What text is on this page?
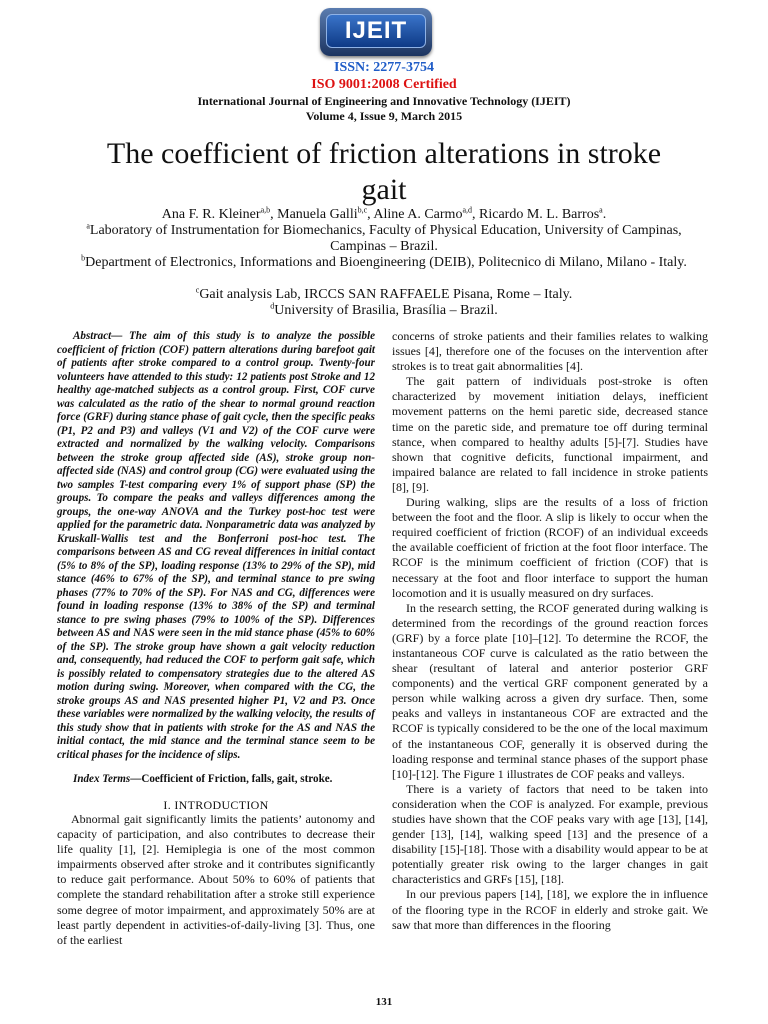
IJEIT
ISSN: 2277-3754
ISO 9001:2008 Certified
International Journal of Engineering and Innovative Technology (IJEIT)
Volume 4, Issue 9, March 2015
The coefficient of friction alterations in stroke
gait
Ana F. R. Kleiner$^{a,b}$, Manuela Galli$^{b,c}$, Aline A. Carmo$^{a,d}$, Ricardo M. L. Barros$^a$.
$^a$Laboratory of Instrumentation for Biomechanics, Faculty of Physical Education, University of Campinas, Campinas – Brazil.
$^b$Department of Electronics, Informations and Bioengineering (DEIB), Politecnico di Milano, Milano - Italy.
$^c$Gait analysis Lab, IRCCS SAN RAFFAELE Pisana, Rome – Italy.
$^d$University of Brasilia, Brasília – Brazil.
Abstract— The aim of this study is to analyze the possible coefficient of friction (COF) pattern alterations during barefoot gait of patients after stroke compared to a control group. Twenty-four volunteers have attended to this study: 12 patients post Stroke and 12 healthy age-matched subjects as a control group. First, COF curve was calculated as the ratio of the shear to normal ground reaction force (GRF) during stance phase of gait cycle, then the specific peaks (P1, P2 and P3) and valleys (V1 and V2) of the COF curve were extracted and normalized by the walking velocity. Comparisons between the stroke group affected side (AS), stroke group non-affected side (NAS) and control group (CG) were evaluated using the two samples T-test comparing every 1% of support phase (SP) the groups. To compare the peaks and valleys differences among the groups, the one-way ANOVA and the Turkey post-hoc test were applied for the parametric data. Nonparametric data was analyzed by Kruskall-Wallis test and the Bonferroni post-hoc test. The comparisons between AS and CG reveal differences in initial contact (5% to 8% of the SP), loading response (13% to 29% of the SP), mid stance (46% to 67% of the SP), and terminal stance to pre swing phases (77% to 70% of the SP). For NAS and CG, differences were found in loading response (13% to 38% of the SP) and terminal stance to pre swing phases (79% to 100% of the SP). Differences between AS and NAS were seen in the mid stance phase (45% to 60% of the SP). The stroke group have shown a gait velocity reduction and, consequently, had reduced the COF to perform gait safe, which is possibly related to compensatory strategies due to the altered AS motion during swing. Moreover, when compared with the CG, the stroke groups AS and NAS presented higher P1, V2 and P3. Once these variables were normalized by the walking velocity, the results of this study show that in patients with stroke for the AS and NAS the initial contact, the mid stance and the terminal stance seem to be critical phases for the incidence of slips.
Index Terms—Coefficient of Friction, falls, gait, stroke.
I. INTRODUCTION

Abnormal gait significantly limits the patients’ autonomy and capacity of participation, and also contributes to decrease their life quality [1], [2]. Hemiplegia is one of the most common impairments observed after stroke and it contributes significantly to reduce gait performance. About 50% to 60% of patients that complete the standard rehabilitation after a stroke still experience some degree of motor impairment, and approximately 50% are at least partly dependent in activities-of-daily-living [3]. Thus, one of the earliest

concerns of stroke patients and their families relates to walking issues [4], therefore one of the focuses on the intervention after strokes is to treat gait abnormalities [4].

The gait pattern of individuals post-stroke is often characterized by movement initiation delays, inefficient movement patterns on the hemi paretic side, decreased stance time on the paretic side, and premature toe off during terminal stance, when compared to healthy adults [5]-[7]. Studies have shown that cognitive deficits, functional impairment, and impaired balance are related to fall incidence in stroke patients [8], [9].

During walking, slips are the results of a loss of friction between the foot and the floor. A slip is likely to occur when the required coefficient of friction (RCOF) of an individual exceeds the available coefficient of friction at the foot floor interface. The RCOF is the minimum coefficient of friction (COF) that is necessary at the foot and floor interface to support the human locomotion and it is usually measured on dry surfaces.

In the research setting, the RCOF generated during walking is determined from the recordings of the ground reaction forces (GRF) by a force plate [10]–[12]. To determine the RCOF, the instantaneous COF curve is calculated as the ratio between the shear (resultant of lateral and anterior posterior GRF components) and the vertical GRF component generated by a person while walking across a given dry surface. Then, some peaks and valleys in instantaneous COF are extracted and the RCOF is typically considered to be the one of the local maximum of the instantaneous COF, generally it is observed during the loading response and terminal stance phases of the support phase [10]-[12]. The Figure 1 illustrates de COF peaks and valleys.

There is a variety of factors that need to be taken into consideration when the COF is analyzed. For example, previous studies have shown that the COF peaks vary with age [13], [14], gender [13], [14], walking speed [13] and the presence of a disability [15]-[18]. Those with a disability would appear to be at potentially greater risk owing to the larger changes in gait characteristics and GRFs [15], [18].

In our previous papers [14], [18], we explore the in influence of the flooring type in the RCOF in elderly and stroke gait. We saw that more than differences in the flooring

131
